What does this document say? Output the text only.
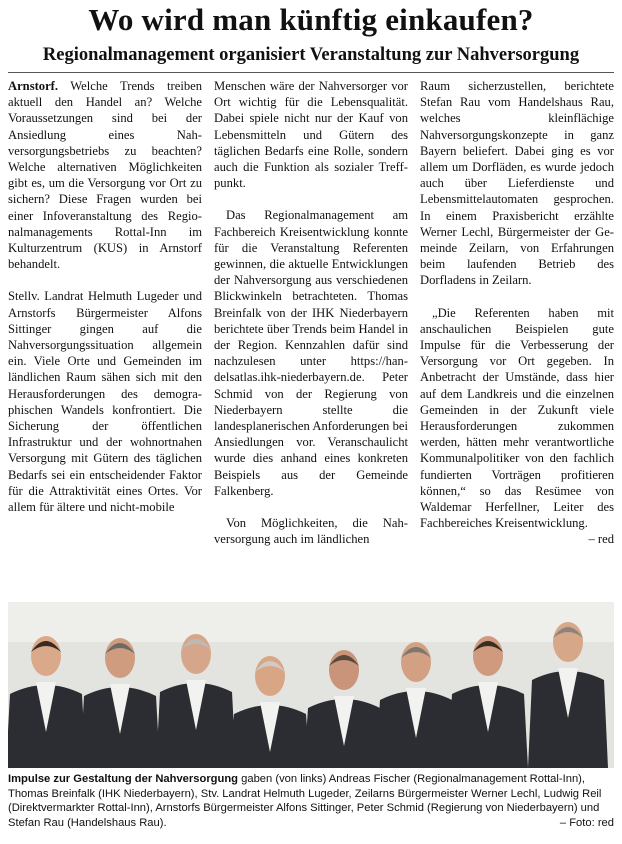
Wo wird man künftig einkaufen?
Regionalmanagement organisiert Veranstaltung zur Nahversorgung

Arnstorf. Welche Trends treiben aktuell den Handel an? Welche Voraussetzungen sind bei der Ansiedlung eines Nahversorgungsbetriebs zu beachten? Welche alternativen Möglichkeiten gibt es, um die Versorgung vor Ort zu sichern? Diese Fragen wurden bei einer Infoveranstaltung des Regionalmanagements Rottal-Inn im Kulturzentrum (KUS) in Arnstorf behandelt.

Stellv. Landrat Helmuth Lugeder und Arnstorfs Bürgermeister Alfons Sittinger gingen auf die Nahversorgungssituation allgemein ein. Viele Orte und Gemeinden im ländlichen Raum sähen sich mit den Herausforderungen des demographischen Wandels konfrontiert. Die Sicherung der öffentlichen Infrastruktur und der wohnortnahen Versorgung mit Gütern des täglichen Bedarfs sei ein entscheidender Faktor für die Attraktivität eines Ortes. Vor allem für ältere und nicht-mobile

Menschen wäre der Nahversorger vor Ort wichtig für die Lebensqualität. Dabei spiele nicht nur der Kauf von Lebensmitteln und Gütern des täglichen Bedarfs eine Rolle, sondern auch die Funktion als sozialer Treffpunkt.

Das Regionalmanagement am Fachbereich Kreisentwicklung konnte für die Veranstaltung Referenten gewinnen, die aktuelle Entwicklungen der Nahversorgung aus verschiedenen Blickwinkeln betrachteten. Thomas Breinfalk von der IHK Niederbayern berichtete über Trends beim Handel in der Region. Kennzahlen dafür sind nachzulesen unter https://handelsatlas.ihk-niederbayern.de. Peter Schmid von der Regierung von Niederbayern stellte die landesplanerischen Anforderungen bei Ansiedlungen vor. Veranschaulicht wurde dies anhand eines konkreten Beispiels aus der Gemeinde Falkenberg.

Von Möglichkeiten, die Nahversorgung auch im ländlichen

Raum sicherzustellen, berichtete Stefan Rau vom Handelshaus Rau, welches kleinflächige Nahversorgungskonzepte in ganz Bayern beliefert. Dabei ging es vor allem um Dorfläden, es wurde jedoch auch über Lieferdienste und Lebensmittelautomaten gesprochen. In einem Praxisbericht erzählte Werner Lechl, Bürgermeister der Gemeinde Zeilarn, von Erfahrungen beim laufenden Betrieb des Dorfladens in Zeilarn.

„Die Referenten haben mit anschaulichen Beispielen gute Impulse für die Verbesserung der Versorgung vor Ort gegeben. In Anbetracht der Umstände, dass hier auf dem Landkreis und die einzelnen Gemeinden in der Zukunft viele Herausforderungen zukommen werden, hätten mehr verantwortliche Kommunalpolitiker von den fachlich fundierten Vorträgen profitieren können,“ so das Resümee von Waldemar Herfellner, Leiter des Fachbereiches Kreisentwicklung.
– red

Impulse zur Gestaltung der Nahversorgung gaben (von links) Andreas Fischer (Regionalmanagement Rottal-Inn), Thomas Breinfalk (IHK Niederbayern), Stv. Landrat Helmuth Lugeder, Zeilarns Bürgermeister Werner Lechl, Ludwig Reil (Direktvermarkter Rottal-Inn), Arnstorfs Bürgermeister Alfons Sittinger, Peter Schmid (Regierung von Niederbayern) und Stefan Rau (Handelshaus Rau).	– Foto: red
